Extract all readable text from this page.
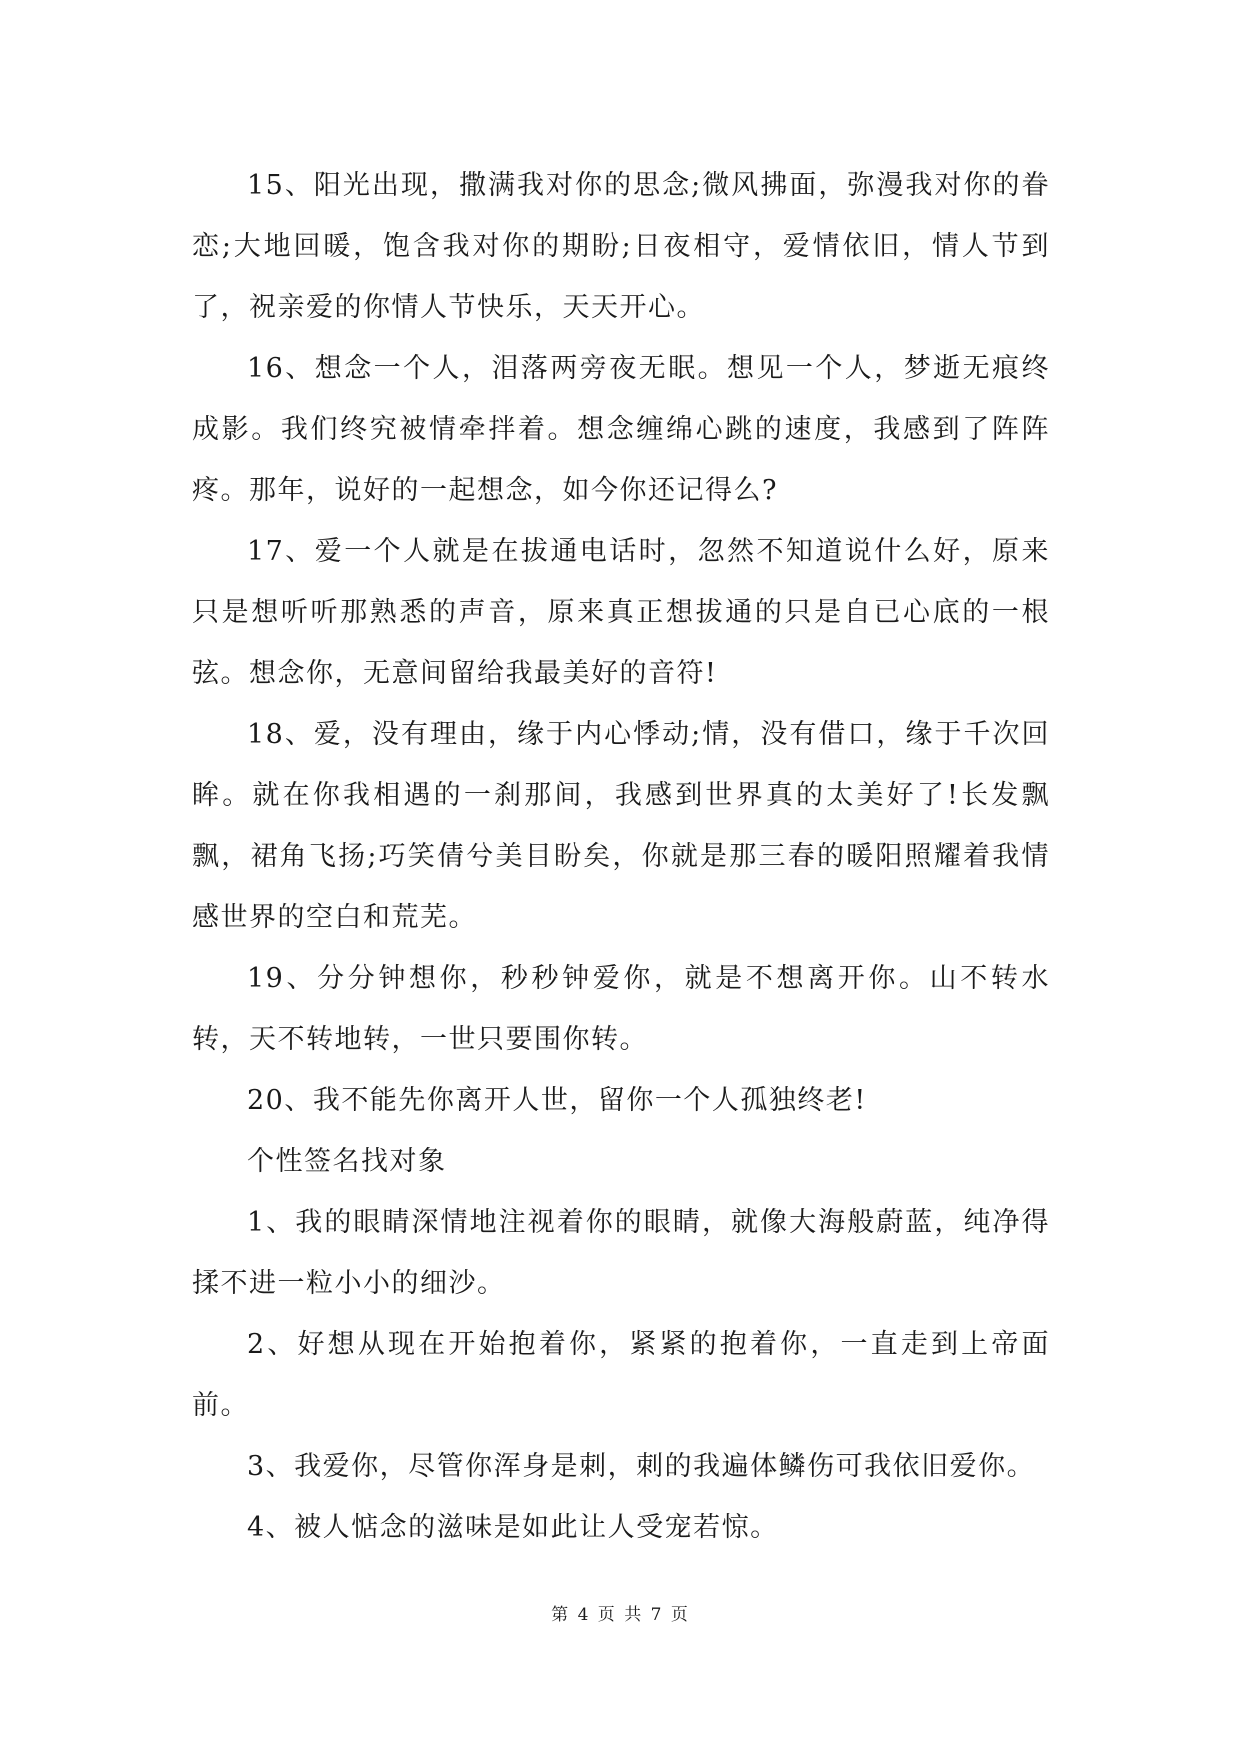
15、阳光出现，撒满我对你的思念;微风拂面，弥漫我对你的眷恋;大地回暖，饱含我对你的期盼;日夜相守，爱情依旧，情人节到了，祝亲爱的你情人节快乐，天天开心。

16、想念一个人，泪落两旁夜无眠。想见一个人，梦逝无痕终成影。我们终究被情牵拌着。想念缠绵心跳的速度，我感到了阵阵疼。那年，说好的一起想念，如今你还记得么?

17、爱一个人就是在拔通电话时，忽然不知道说什么好，原来只是想听听那熟悉的声音，原来真正想拔通的只是自已心底的一根弦。想念你，无意间留给我最美好的音符!

18、爱，没有理由，缘于内心悸动;情，没有借口，缘于千次回眸。就在你我相遇的一刹那间，我感到世界真的太美好了!长发飘飘，裙角飞扬;巧笑倩兮美目盼矣，你就是那三春的暖阳照耀着我情感世界的空白和荒芜。

19、分分钟想你，秒秒钟爱你，就是不想离开你。山不转水转，天不转地转，一世只要围你转。

20、我不能先你离开人世，留你一个人孤独终老!

个性签名找对象

1、我的眼睛深情地注视着你的眼睛，就像大海般蔚蓝，纯净得揉不进一粒小小的细沙。

2、好想从现在开始抱着你，紧紧的抱着你，一直走到上帝面前。

3、我爱你，尽管你浑身是刺，刺的我遍体鳞伤可我依旧爱你。

4、被人惦念的滋味是如此让人受宠若惊。

第 4 页 共 7 页
